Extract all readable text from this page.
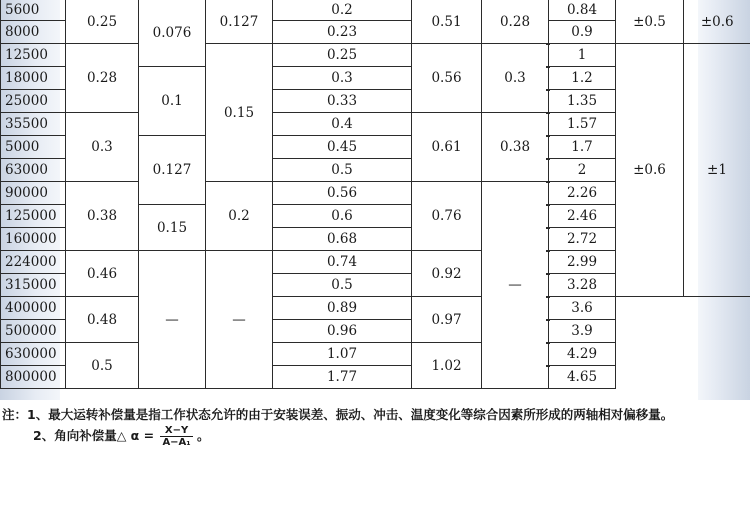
5600	0.25	0.076	0.127	0.2	0.51	0.28	0.84	±0.5	±0.6	
8000				0.23			0.9			
12500	0.28		0.15	0.25	0.56	0.3	1	±0.6	±1	
18000		0.1		0.3			1.2			
25000				0.33			1.35			
35500	0.3			0.4	0.61	0.38	1.57			
5000		0.127		0.45			1.7			
63000				0.5			2			
90000	0.38		0.2	0.56	0.76	—	2.26			
125000		0.15		0.6			2.46			
160000				0.68			2.72			
224000	0.46	—	—	0.74	0.92		2.99			
315000				0.5			3.28		
400000	0.48			0.89	0.97		3.6			
500000				0.96			3.9			
630000	0.5			1.07	1.02		4.29			
800000				1.77			4.65			
注：1、最大运转补偿量是指工作状态允许的由于安装误差、振动、冲击、温度变化等综合因素所形成的两轴相对偏移量。
2、角向补偿量△ $\alpha = \frac{X-Y}{\text{A−A₁}}$ 。
